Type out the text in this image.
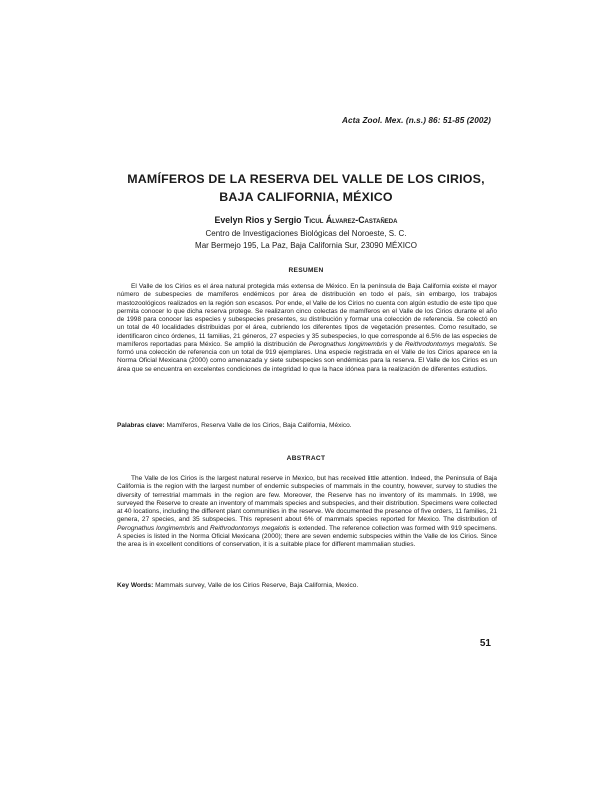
Acta Zool. Mex. (n.s.) 86: 51-85 (2002)
MAMÍFEROS DE LA RESERVA DEL VALLE DE LOS CIRIOS,
BAJA CALIFORNIA, MÉXICO
Evelyn Rios y Sergio Ticul Álvarez-Castañeda
Centro de Investigaciones Biológicas del Noroeste, S. C.
Mar Bermejo 195, La Paz, Baja California Sur, 23090 MÉXICO
RESUMEN
El Valle de los Cirios es el área natural protegida más extensa de México. En la península de Baja California existe el mayor número de subespecies de mamíferos endémicos por área de distribución en todo el país, sin embargo, los trabajos mastozoológicos realizados en la región son escasos. Por ende, el Valle de los Cirios no cuenta con algún estudio de este tipo que permita conocer lo que dicha reserva protege. Se realizaron cinco colectas de mamíferos en el Valle de los Cirios durante el año de 1998 para conocer las especies y subespecies presentes, su distribución y formar una colección de referencia. Se colectó en un total de 40 localidades distribuidas por el área, cubriendo los diferentes tipos de vegetación presentes. Como resultado, se identificaron cinco órdenes, 11 familias, 21 géneros, 27 especies y 35 subespecies, lo que corresponde al 6.5% de las especies de mamíferos reportadas para México. Se amplió la distribución de Perognathus longimembris y de Reithrodontomys megalotis. Se formó una colección de referencia con un total de 919 ejemplares. Una especie registrada en el Valle de los Cirios aparece en la Norma Oficial Mexicana (2000) como amenazada y siete subespecies son endémicas para la reserva. El Valle de los Cirios es un área que se encuentra en excelentes condiciones de integridad lo que la hace idónea para la realización de diferentes estudios.
Palabras clave: Mamíferos, Reserva Valle de los Cirios, Baja California, México.
ABSTRACT
The Valle de los Cirios is the largest natural reserve in Mexico, but has received little attention. Indeed, the Peninsula of Baja California is the region with the largest number of endemic subspecies of mammals in the country, however, survey to studies the diversity of terrestrial mammals in the region are few. Moreover, the Reserve has no inventory of its mammals. In 1998, we surveyed the Reserve to create an inventory of mammals species and subspecies, and their distribution. Specimens were collected at 40 locations, including the different plant communities in the reserve. We documented the presence of five orders, 11 families, 21 genera, 27 species, and 35 subspecies. This represent about 6% of mammals species reported for Mexico. The distribution of Perognathus longimembris and Reithrodontomys megalotis is extended. The reference collection was formed with 919 specimens. A species is listed in the Norma Oficial Mexicana (2000); there are seven endemic subspecies within the Valle de los Cirios. Since the area is in excellent conditions of conservation, it is a suitable place for different mammalian studies.
Key Words: Mammals survey, Valle de los Cirios Reserve, Baja California, Mexico.
51
